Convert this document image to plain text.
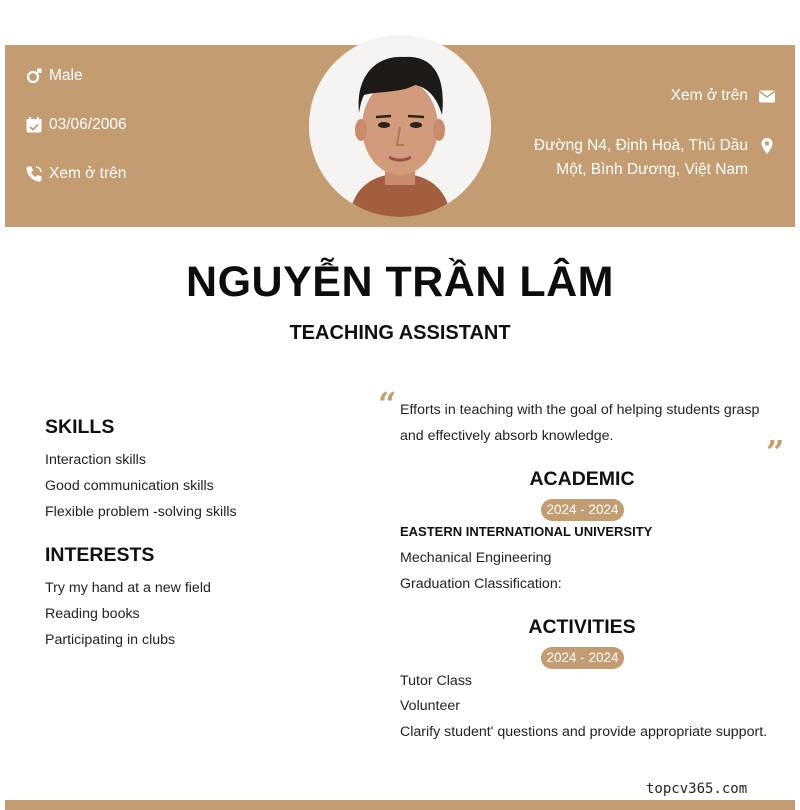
Male
03/06/2006
Xem ở trên
Xem ở trên
Đường N4, Định Hoà, Thủ Dầu
Một, Bình Dương, Việt Nam
NGUYỄN TRẦN LÂM
TEACHING ASSISTANT
SKILLS
Interaction skills
Good communication skills
Flexible problem -solving skills
INTERESTS
Try my hand at a new field
Reading books
Participating in clubs
“ Efforts in teaching with the goal of helping students grasp and effectively absorb knowledge.	”
ACADEMIC
2024 - 2024
EASTERN INTERNATIONAL UNIVERSITY
Mechanical Engineering
Graduation Classification:
ACTIVITIES
2024 - 2024
Tutor Class
Volunteer
Clarify student' questions and provide appropriate support.
topcv365.com
